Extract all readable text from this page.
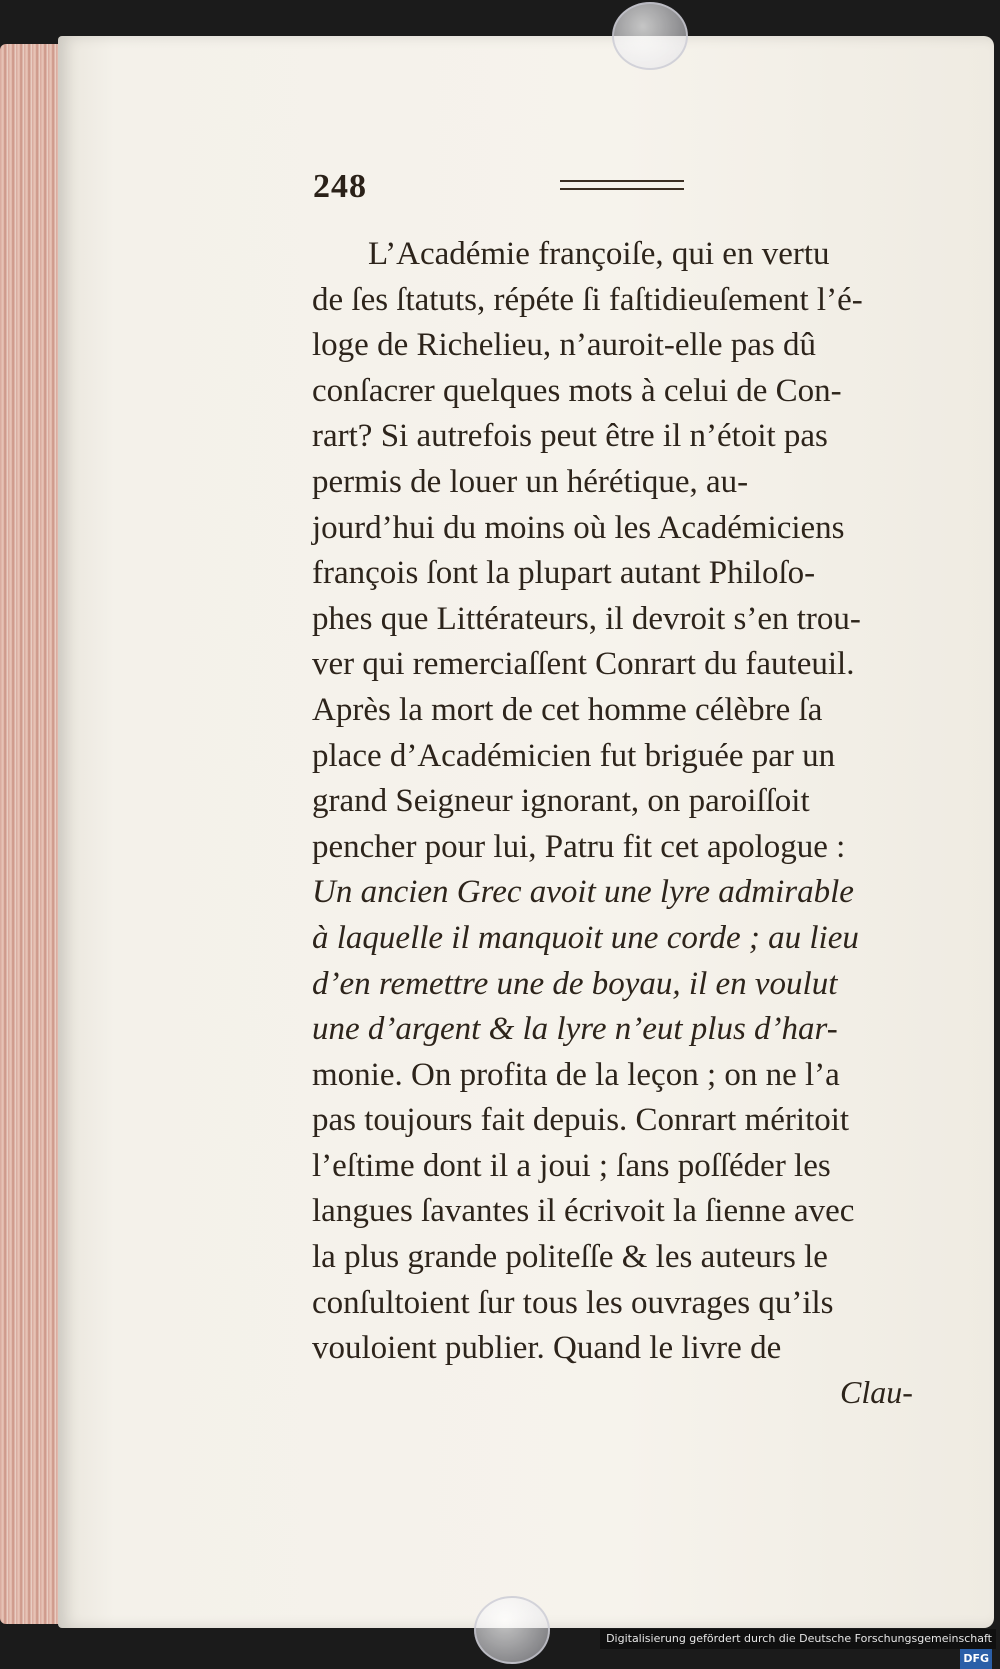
248
L’Académie françoiſe, qui en vertu
de ſes ſtatuts, répéte ſi faſtidieuſement l’é-
loge de Richelieu, n’auroit-elle pas dû
conſacrer quelques mots à celui de Con-
rart? Si autrefois peut être il n’étoit pas
permis de louer un hérétique, au-
jourd’hui du moins où les Académiciens
françois ſont la plupart autant Philoſo-
phes que Littérateurs, il devroit s’en trou-
ver qui remerciaſſent Conrart du fauteuil.
Après la mort de cet homme célèbre ſa
place d’Académicien fut briguée par un
grand Seigneur ignorant, on paroiſſoit
pencher pour lui, Patru fit cet apologue :
Un ancien Grec avoit une lyre admirable
à laquelle il manquoit une corde ; au lieu
d’en remettre une de boyau, il en voulut
une d’argent & la lyre n’eut plus d’har-
monie. On profita de la leçon ; on ne l’a
pas toujours fait depuis. Conrart méritoit
l’eſtime dont il a joui ; ſans poſſéder les
langues ſavantes il écrivoit la ſienne avec
la plus grande politeſſe & les auteurs le
conſultoient ſur tous les ouvrages qu’ils
vouloient publier. Quand le livre de
Clau-
Digitalisierung gefördert durch die Deutsche Forschungsgemeinschaft DFG
